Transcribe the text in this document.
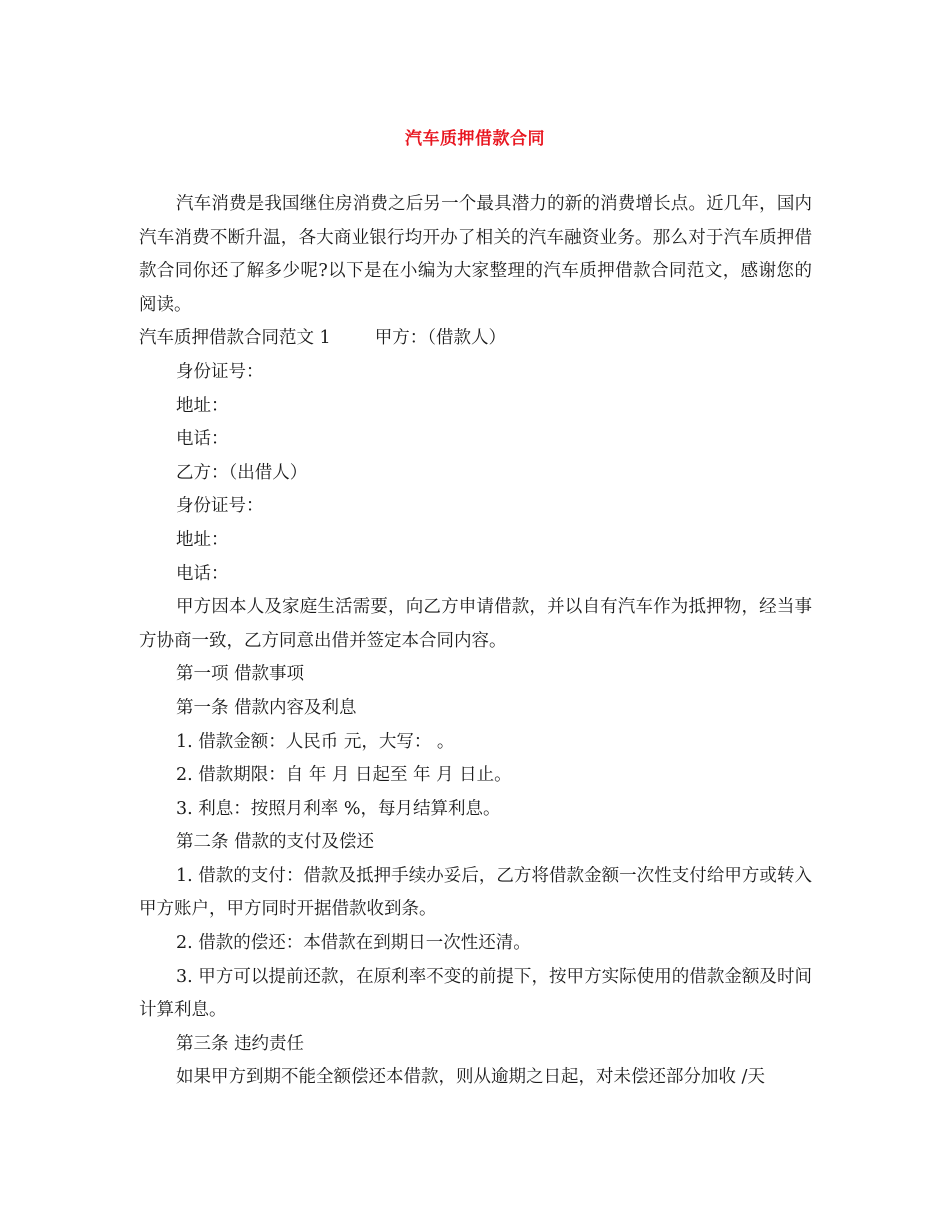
汽车质押借款合同

汽车消费是我国继住房消费之后另一个最具潜力的新的消费增长点。近几年，国内汽车消费不断升温，各大商业银行均开办了相关的汽车融资业务。那么对于汽车质押借款合同你还了解多少呢?以下是在小编为大家整理的汽车质押借款合同范文，感谢您的阅读。

汽车质押借款合同范文 1	甲方：（借款人）

身份证号：

地址：

电话：

乙方：（出借人）

身份证号：

地址：

电话：

甲方因本人及家庭生活需要，向乙方申请借款，并以自有汽车作为抵押物，经当事方协商一致，乙方同意出借并签定本合同内容。

第一项 借款事项

第一条 借款内容及利息

1. 借款金额：人民币 元，大写： 。

2. 借款期限：自 年 月 日起至 年 月 日止。

3. 利息：按照月利率 %，每月结算利息。

第二条 借款的支付及偿还

1. 借款的支付：借款及抵押手续办妥后，乙方将借款金额一次性支付给甲方或转入甲方账户，甲方同时开据借款收到条。

2. 借款的偿还：本借款在到期日一次性还清。

3. 甲方可以提前还款，在原利率不变的前提下，按甲方实际使用的借款金额及时间计算利息。

第三条 违约责任

如果甲方到期不能全额偿还本借款，则从逾期之日起，对未偿还部分加收 /天
